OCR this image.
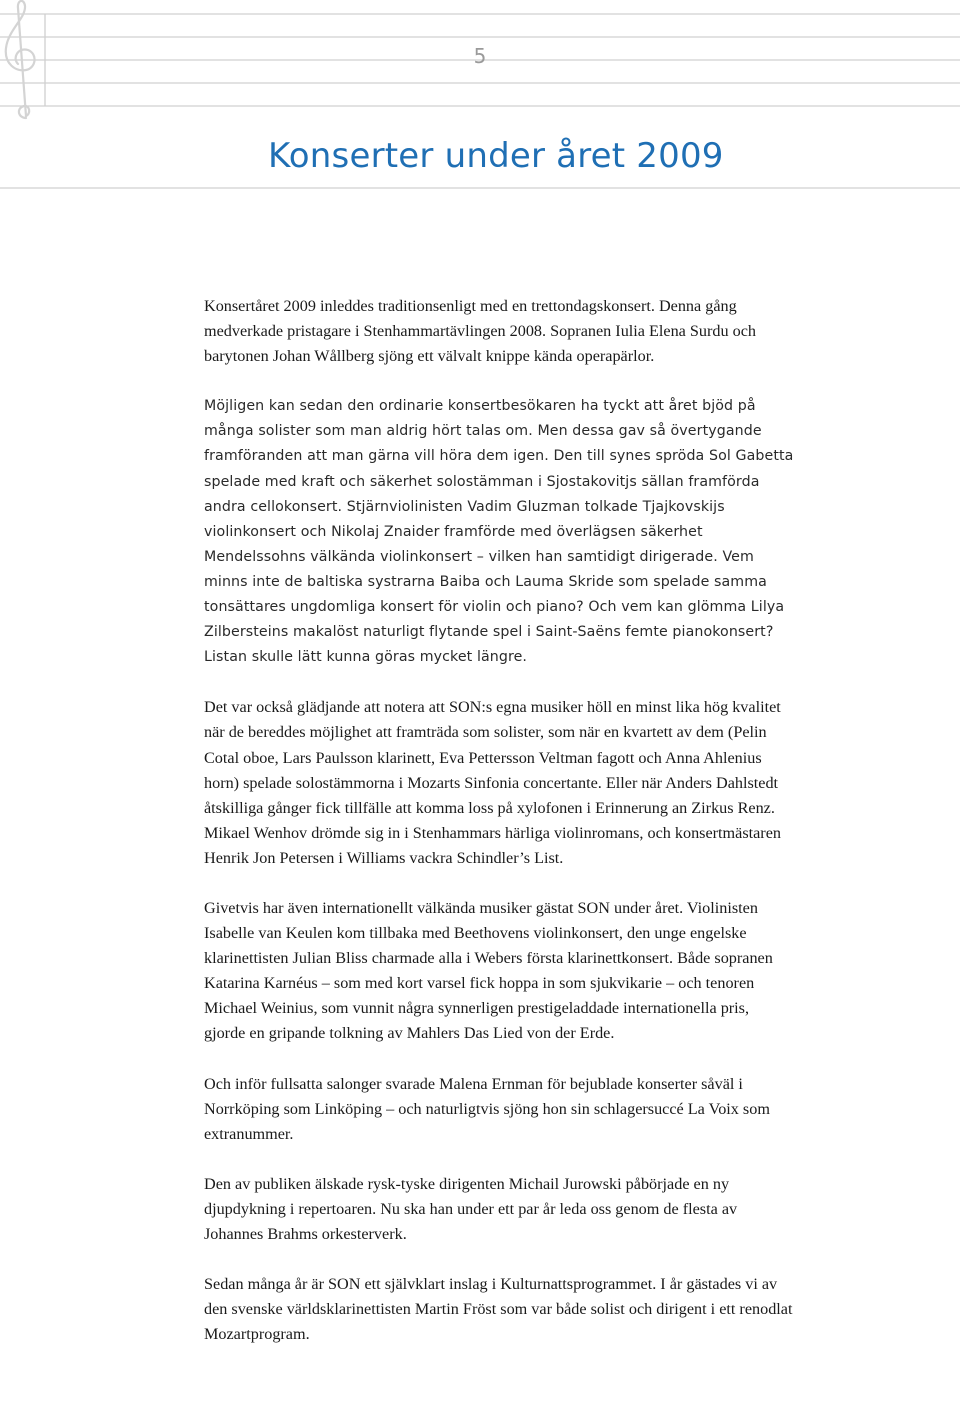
5
Konserter under året 2009

Konsertåret 2009 inleddes traditionsenligt med en trettondagskonsert. Denna gång medverkade pristagare i Stenhammartävlingen 2008. Sopranen Iulia Elena Surdu och barytonen Johan Wållberg sjöng ett välvalt knippe kända operapärlor.

Möjligen kan sedan den ordinarie konsertbesökaren ha tyckt att året bjöd på många solister som man aldrig hört talas om. Men dessa gav så övertygande framföranden att man gärna vill höra dem igen. Den till synes spröda Sol Gabetta spelade med kraft och säkerhet solostämman i Sjostakovitjs sällan framförda andra cellokonsert. Stjärnviolinisten Vadim Gluzman tolkade Tjajkovskijs violinkonsert och Nikolaj Znaider framförde med överlägsen säkerhet Mendelssohns välkända violinkonsert – vilken han samtidigt dirigerade. Vem minns inte de baltiska systrarna Baiba och Lauma Skride som spelade samma tonsättares ungdomliga konsert för violin och piano? Och vem kan glömma Lilya Zilbersteins makalöst naturligt flytande spel i Saint-Saëns femte pianokonsert? Listan skulle lätt kunna göras mycket längre.

Det var också glädjande att notera att SON:s egna musiker höll en minst lika hög kvalitet när de bereddes möjlighet att framträda som solister, som när en kvartett av dem (Pelin Cotal oboe, Lars Paulsson klarinett, Eva Pettersson Veltman fagott och Anna Ahlenius horn) spelade solostämmorna i Mozarts Sinfonia concertante. Eller när Anders Dahlstedt åtskilliga gånger fick tillfälle att komma loss på xylofonen i Erinnerung an Zirkus Renz. Mikael Wenhov drömde sig in i Stenhammars härliga violinromans, och konsertmästaren Henrik Jon Petersen i Williams vackra Schindler’s List.

Givetvis har även internationellt välkända musiker gästat SON under året. Violinisten Isabelle van Keulen kom tillbaka med Beethovens violinkonsert, den unge engelske klarinettisten Julian Bliss charmade alla i Webers första klarinettkonsert. Både sopranen Katarina Karnéus – som med kort varsel fick hoppa in som sjukvikarie – och tenoren Michael Weinius, som vunnit några synnerligen prestigeladdade internationella pris, gjorde en gripande tolkning av Mahlers Das Lied von der Erde.

Och inför fullsatta salonger svarade Malena Ernman för bejublade konserter såväl i Norrköping som Linköping – och naturligtvis sjöng hon sin schlagersuccé La Voix som extranummer.

Den av publiken älskade rysk-tyske dirigenten Michail Jurowski påbörjade en ny djupdykning i repertoaren. Nu ska han under ett par år leda oss genom de flesta av Johannes Brahms orkesterverk.

Sedan många år är SON ett självklart inslag i Kulturnattsprogrammet. I år gästades vi av den svenske världsklarinettisten Martin Fröst som var både solist och dirigent i ett renodlat Mozartprogram.
